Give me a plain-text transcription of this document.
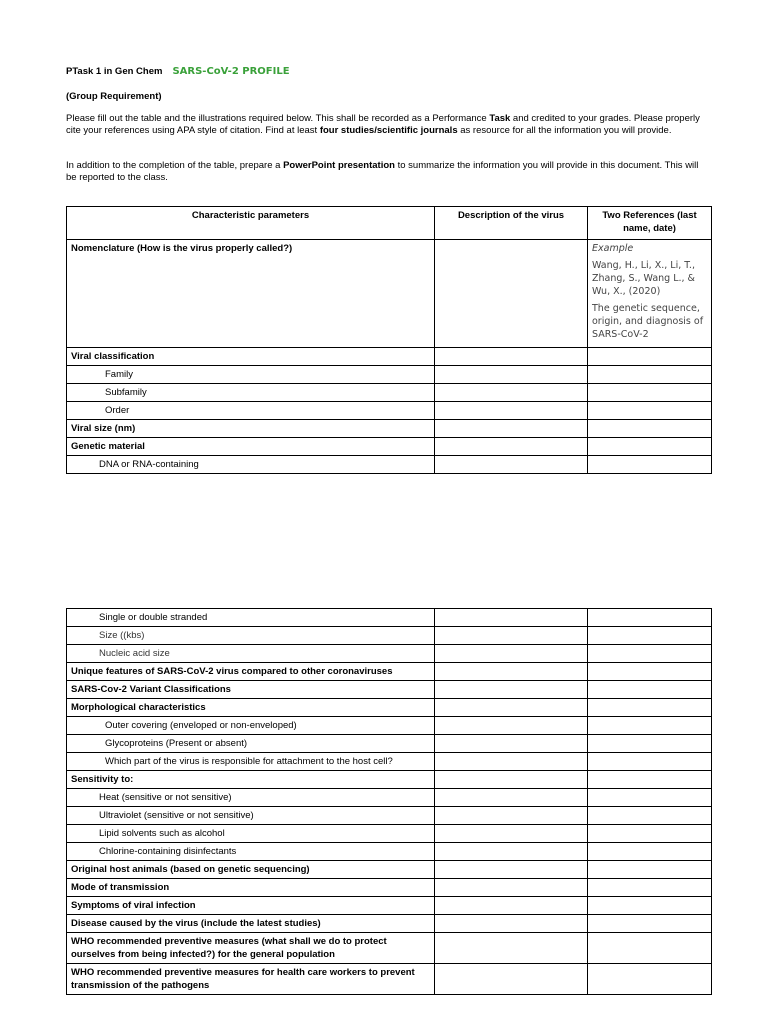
PTask 1 in Gen Chem SARS-CoV-2 PROFILE
(Group Requirement)
Please fill out the table and the illustrations required below. This shall be recorded as a Performance Task and credited to your grades. Please properly cite your references using APA style of citation. Find at least four studies/scientific journals as resource for all the information you will provide.
In addition to the completion of the table, prepare a PowerPoint presentation to summarize the information you will provide in this document. This will be reported to the class.
Characteristic parameters	Description of the virus	Two References (last name, date)
Nomenclature (How is the virus properly called?)		Example
Wang, H., Li, X., Li, T., Zhang, S., Wang L., & Wu, X., (2020)
The genetic sequence, origin, and diagnosis of SARS-CoV-2

Viral classification		
Family		
Subfamily		
Order		
Viral size (nm)		
Genetic material		
DNA or RNA-containing		
Single or double stranded		
Size ((kbs)		
Nucleic acid size		
Unique features of SARS-CoV-2 virus compared to other coronaviruses		
SARS-Cov-2 Variant Classifications		
Morphological characteristics		
Outer covering (enveloped or non-enveloped)		
Glycoproteins (Present or absent)		
Which part of the virus is responsible for attachment to the host cell?		
Sensitivity to:		
Heat (sensitive or not sensitive)		
Ultraviolet (sensitive or not sensitive)		
Lipid solvents such as alcohol		
Chlorine-containing disinfectants		
Original host animals (based on genetic sequencing)		
Mode of transmission		
Symptoms of viral infection		
Disease caused by the virus (include the latest studies)		
WHO recommended preventive measures (what shall we do to protect ourselves from being infected?) for the general population		
WHO recommended preventive measures for health care workers to prevent transmission of the pathogens		
